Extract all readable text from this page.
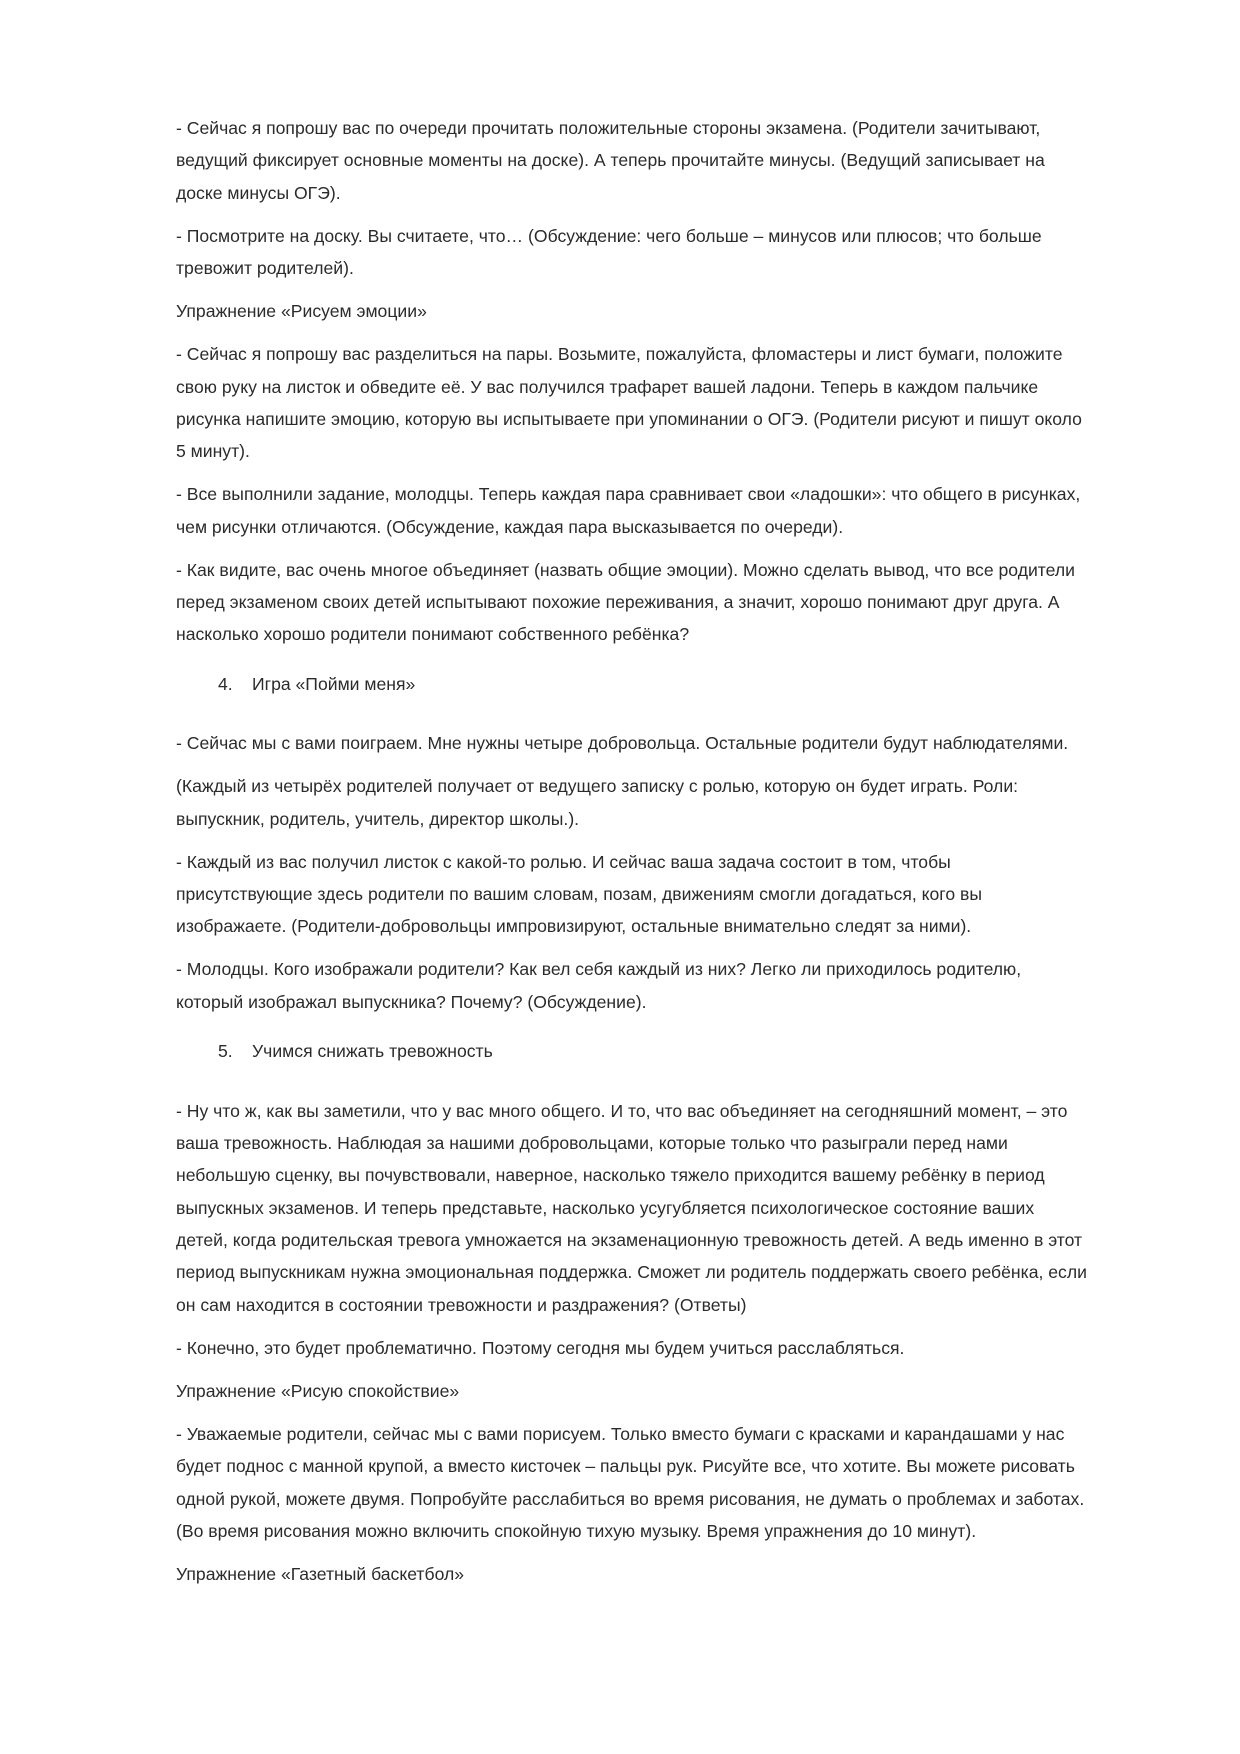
- Сейчас я попрошу вас по очереди прочитать положительные стороны экзамена. (Родители зачитывают,
ведущий фиксирует основные моменты на доске). А теперь прочитайте минусы. (Ведущий записывает на
доске минусы ОГЭ).
- Посмотрите на доску. Вы считаете, что… (Обсуждение: чего больше – минусов или плюсов; что больше
тревожит родителей).
Упражнение «Рисуем эмоции»
- Сейчас я попрошу вас разделиться на пары. Возьмите, пожалуйста, фломастеры и лист бумаги, положите
свою руку на листок и обведите её. У вас получился трафарет вашей ладони. Теперь в каждом пальчике
рисунка напишите эмоцию, которую вы испытываете при упоминании о ОГЭ. (Родители рисуют и пишут около
5 минут).
- Все выполнили задание, молодцы. Теперь каждая пара сравнивает свои «ладошки»: что общего в рисунках,
чем рисунки отличаются. (Обсуждение, каждая пара высказывается по очереди).
- Как видите, вас очень многое объединяет (назвать общие эмоции). Можно сделать вывод, что все родители
перед экзаменом своих детей испытывают похожие переживания, а значит, хорошо понимают друг друга. А
насколько хорошо родители понимают собственного ребёнка?
4. Игра «Пойми меня»
- Сейчас мы с вами поиграем. Мне нужны четыре добровольца. Остальные родители будут наблюдателями.
(Каждый из четырёх родителей получает от ведущего записку с ролью, которую он будет играть. Роли:
выпускник, родитель, учитель, директор школы.).
- Каждый из вас получил листок с какой-то ролью. И сейчас ваша задача состоит в том, чтобы
присутствующие здесь родители по вашим словам, позам, движениям смогли догадаться, кого вы
изображаете. (Родители-добровольцы импровизируют, остальные внимательно следят за ними).
- Молодцы. Кого изображали родители? Как вел себя каждый из них? Легко ли приходилось родителю,
который изображал выпускника? Почему? (Обсуждение).
5. Учимся снижать тревожность
- Ну что ж, как вы заметили, что у вас много общего. И то, что вас объединяет на сегодняшний момент, – это
ваша тревожность. Наблюдая за нашими добровольцами, которые только что разыграли перед нами
небольшую сценку, вы почувствовали, наверное, насколько тяжело приходится вашему ребёнку в период
выпускных экзаменов. И теперь представьте, насколько усугубляется психологическое состояние ваших
детей, когда родительская тревога умножается на экзаменационную тревожность детей. А ведь именно в этот
период выпускникам нужна эмоциональная поддержка. Сможет ли родитель поддержать своего ребёнка, если
он сам находится в состоянии тревожности и раздражения? (Ответы)
- Конечно, это будет проблематично. Поэтому сегодня мы будем учиться расслабляться.
Упражнение «Рисую спокойствие»
- Уважаемые родители, сейчас мы с вами порисуем. Только вместо бумаги с красками и карандашами у нас
будет поднос с манной крупой, а вместо кисточек – пальцы рук. Рисуйте все, что хотите. Вы можете рисовать
одной рукой, можете двумя. Попробуйте расслабиться во время рисования, не думать о проблемах и заботах.
(Во время рисования можно включить спокойную тихую музыку. Время упражнения до 10 минут).
Упражнение «Газетный баскетбол»
